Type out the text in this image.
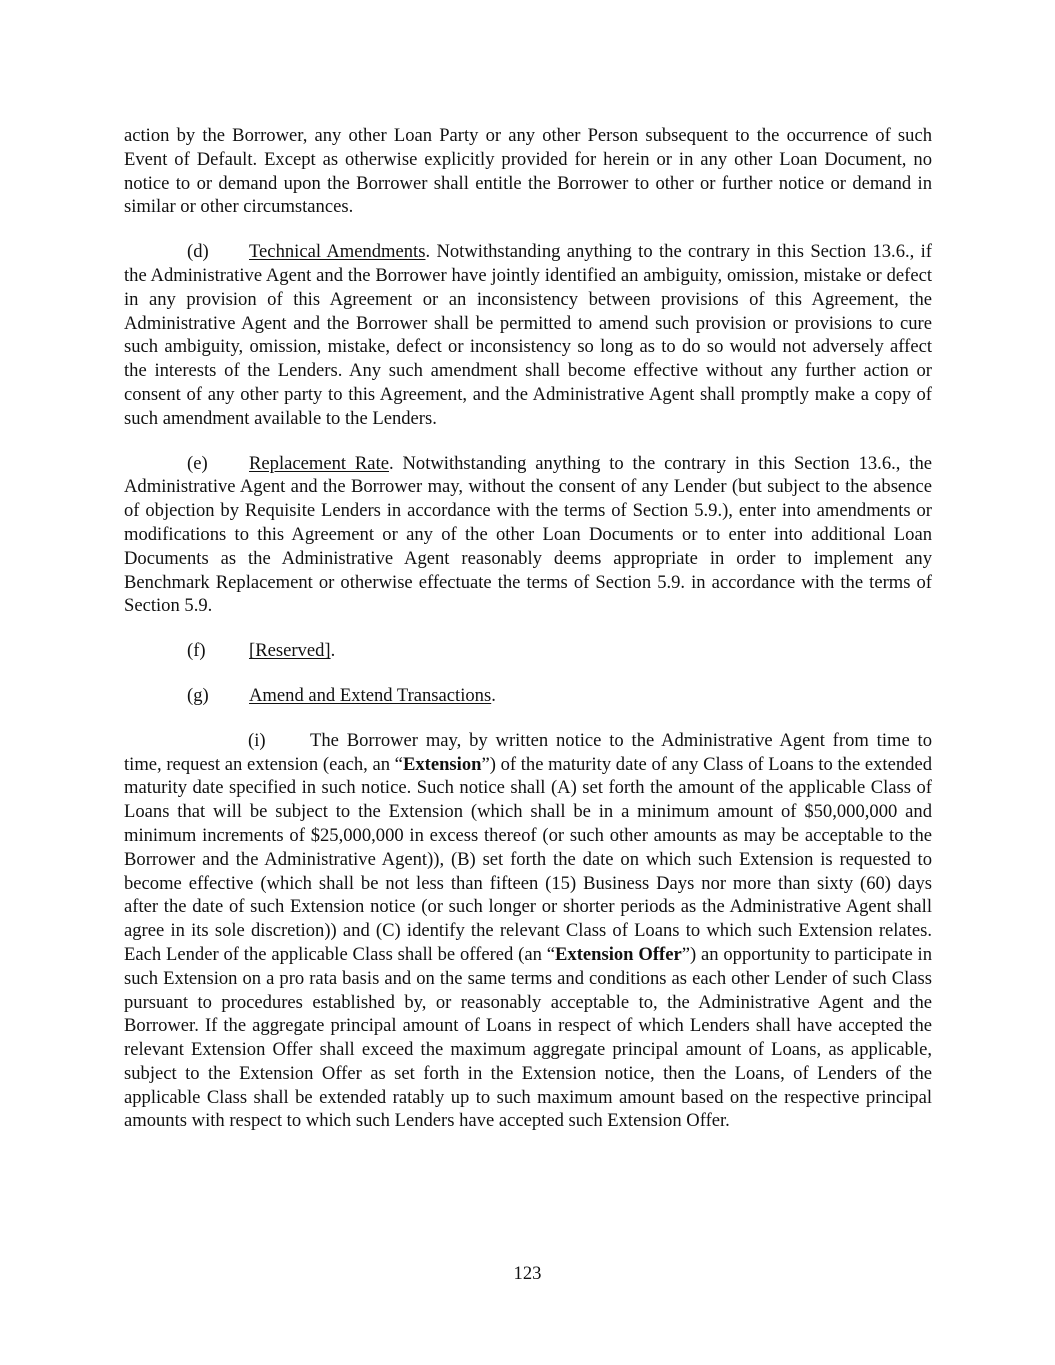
action by the Borrower, any other Loan Party or any other Person subsequent to the occurrence of such Event of Default. Except as otherwise explicitly provided for herein or in any other Loan Document, no notice to or demand upon the Borrower shall entitle the Borrower to other or further notice or demand in similar or other circumstances.

(d) Technical Amendments. Notwithstanding anything to the contrary in this Section 13.6., if the Administrative Agent and the Borrower have jointly identified an ambiguity, omission, mistake or defect in any provision of this Agreement or an inconsistency between provisions of this Agreement, the Administrative Agent and the Borrower shall be permitted to amend such provision or provisions to cure such ambiguity, omission, mistake, defect or inconsistency so long as to do so would not adversely affect the interests of the Lenders. Any such amendment shall become effective without any further action or consent of any other party to this Agreement, and the Administrative Agent shall promptly make a copy of such amendment available to the Lenders.

(e) Replacement Rate. Notwithstanding anything to the contrary in this Section 13.6., the Administrative Agent and the Borrower may, without the consent of any Lender (but subject to the absence of objection by Requisite Lenders in accordance with the terms of Section 5.9.), enter into amendments or modifications to this Agreement or any of the other Loan Documents or to enter into additional Loan Documents as the Administrative Agent reasonably deems appropriate in order to implement any Benchmark Replacement or otherwise effectuate the terms of Section 5.9. in accordance with the terms of Section 5.9.

(f) [Reserved].

(g) Amend and Extend Transactions.

(i) The Borrower may, by written notice to the Administrative Agent from time to time, request an extension (each, an “Extension”) of the maturity date of any Class of Loans to the extended maturity date specified in such notice. Such notice shall (A) set forth the amount of the applicable Class of Loans that will be subject to the Extension (which shall be in a minimum amount of $50,000,000 and minimum increments of $25,000,000 in excess thereof (or such other amounts as may be acceptable to the Borrower and the Administrative Agent)), (B) set forth the date on which such Extension is requested to become effective (which shall be not less than fifteen (15) Business Days nor more than sixty (60) days after the date of such Extension notice (or such longer or shorter periods as the Administrative Agent shall agree in its sole discretion)) and (C) identify the relevant Class of Loans to which such Extension relates. Each Lender of the applicable Class shall be offered (an “Extension Offer”) an opportunity to participate in such Extension on a pro rata basis and on the same terms and conditions as each other Lender of such Class pursuant to procedures established by, or reasonably acceptable to, the Administrative Agent and the Borrower. If the aggregate principal amount of Loans in respect of which Lenders shall have accepted the relevant Extension Offer shall exceed the maximum aggregate principal amount of Loans, as applicable, subject to the Extension Offer as set forth in the Extension notice, then the Loans, of Lenders of the applicable Class shall be extended ratably up to such maximum amount based on the respective principal amounts with respect to which such Lenders have accepted such Extension Offer.

123
